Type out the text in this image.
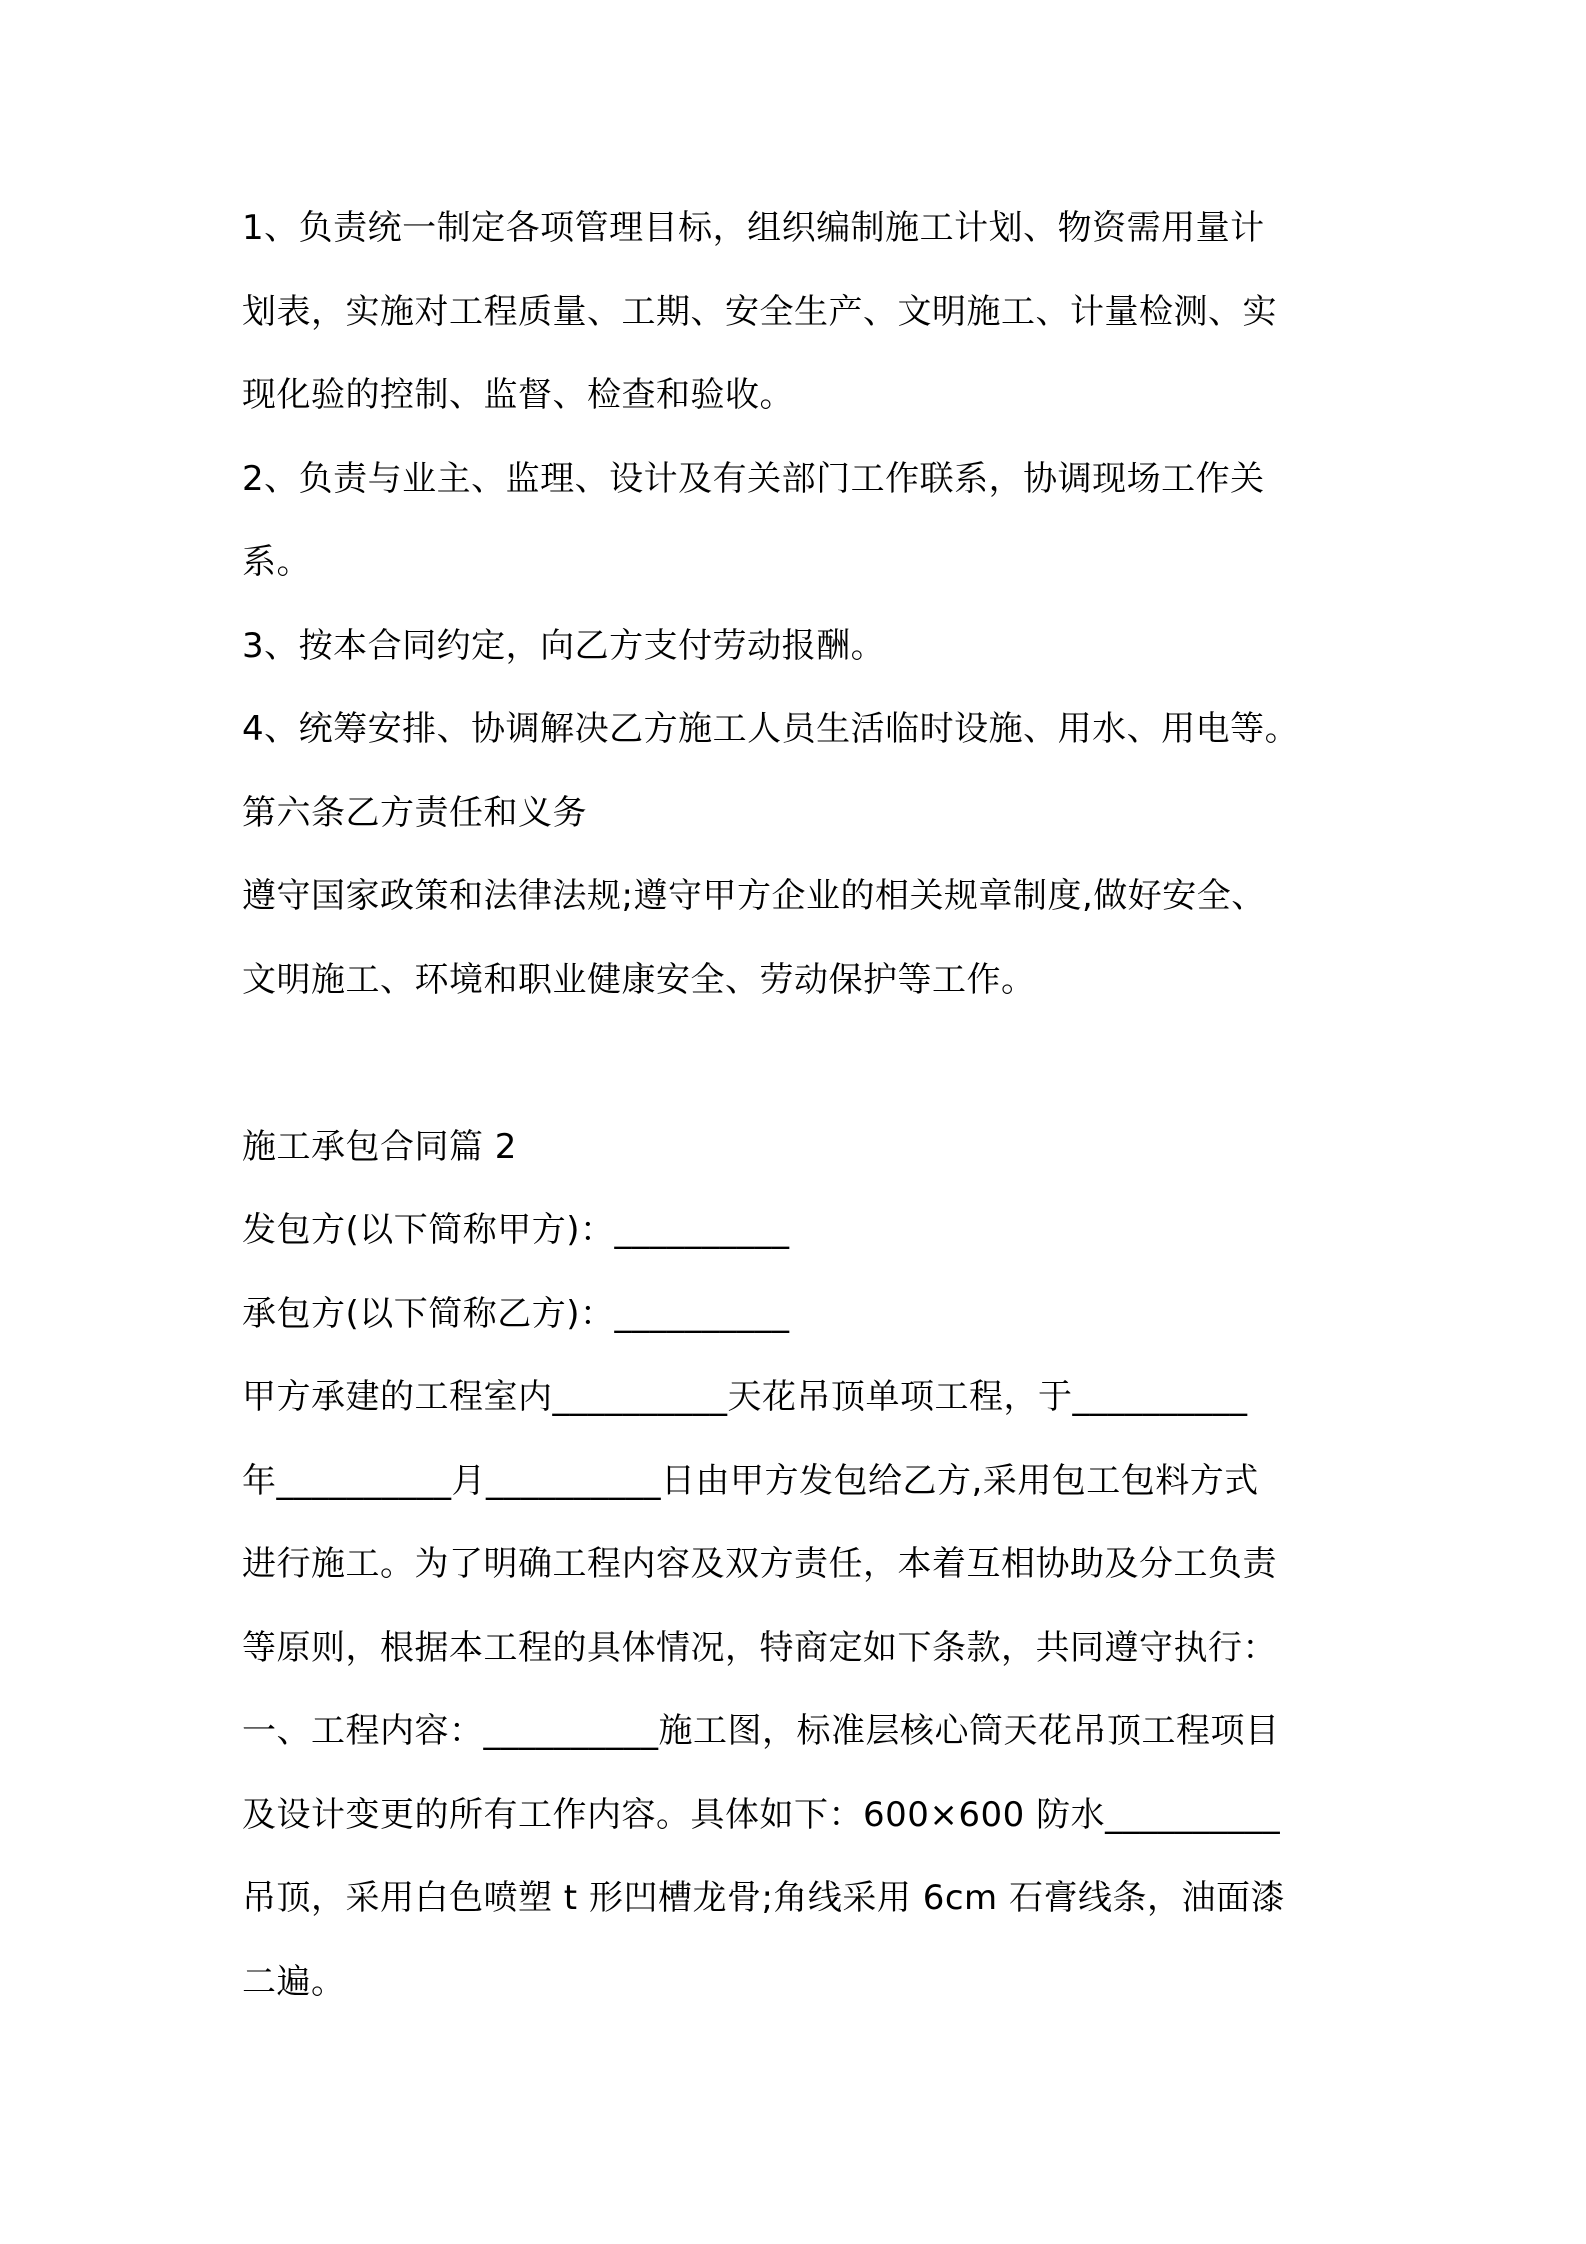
1、负责统一制定各项管理目标，组织编制施工计划、物资需用量计
划表，实施对工程质量、工期、安全生产、文明施工、计量检测、实
现化验的控制、监督、检查和验收。
2、负责与业主、监理、设计及有关部门工作联系，协调现场工作关
系。
3、按本合同约定，向乙方支付劳动报酬。
4、统筹安排、协调解决乙方施工人员生活临时设施、用水、用电等。
第六条乙方责任和义务
遵守国家政策和法律法规;遵守甲方企业的相关规章制度,做好安全、
文明施工、环境和职业健康安全、劳动保护等工作。
施工承包合同篇 2
发包方(以下简称甲方)：__________
承包方(以下简称乙方)：__________
甲方承建的工程室内__________天花吊顶单项工程，于__________
年__________月__________日由甲方发包给乙方,采用包工包料方式
进行施工。为了明确工程内容及双方责任，本着互相协助及分工负责
等原则，根据本工程的具体情况，特商定如下条款，共同遵守执行：
一、工程内容：__________施工图，标准层核心筒天花吊顶工程项目
及设计变更的所有工作内容。具体如下：600×600 防水__________
吊顶，采用白色喷塑 t 形凹槽龙骨;角线采用 6cm 石膏线条，油面漆
二遍。
